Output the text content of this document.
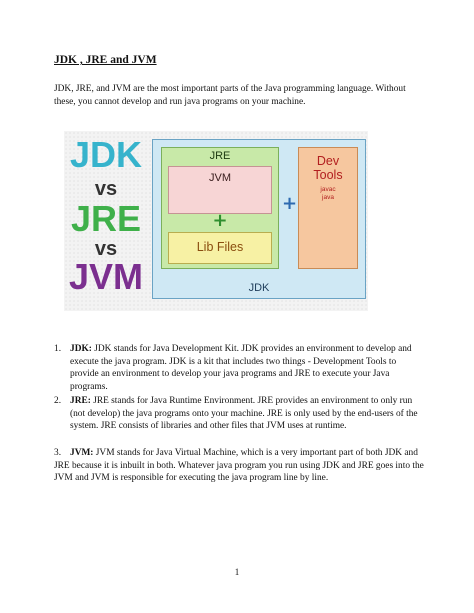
JDK , JRE and JVM
JDK, JRE, and JVM are the most important parts of the Java programming language. Without these, you cannot develop and run java programs on your machine.
JDK
vs
JRE
vs
JVM
JRE
JVM
+
Lib Files
+
Dev
Tools
javac
java
JDK
1. JDK: JDK stands for Java Development Kit. JDK provides an environment to develop and execute the java program. JDK is a kit that includes two things - Development Tools to provide an environment to develop your java programs and JRE to execute your Java programs.
2. JRE: JRE stands for Java Runtime Environment. JRE provides an environment to only run (not develop) the java programs onto your machine. JRE is only used by the end-users of the system. JRE consists of libraries and other files that JVM uses at runtime.
3. JVM: JVM stands for Java Virtual Machine, which is a very important part of both JDK and JRE because it is inbuilt in both. Whatever java program you run using JDK and JRE goes into the JVM and JVM is responsible for executing the java program line by line.
1
